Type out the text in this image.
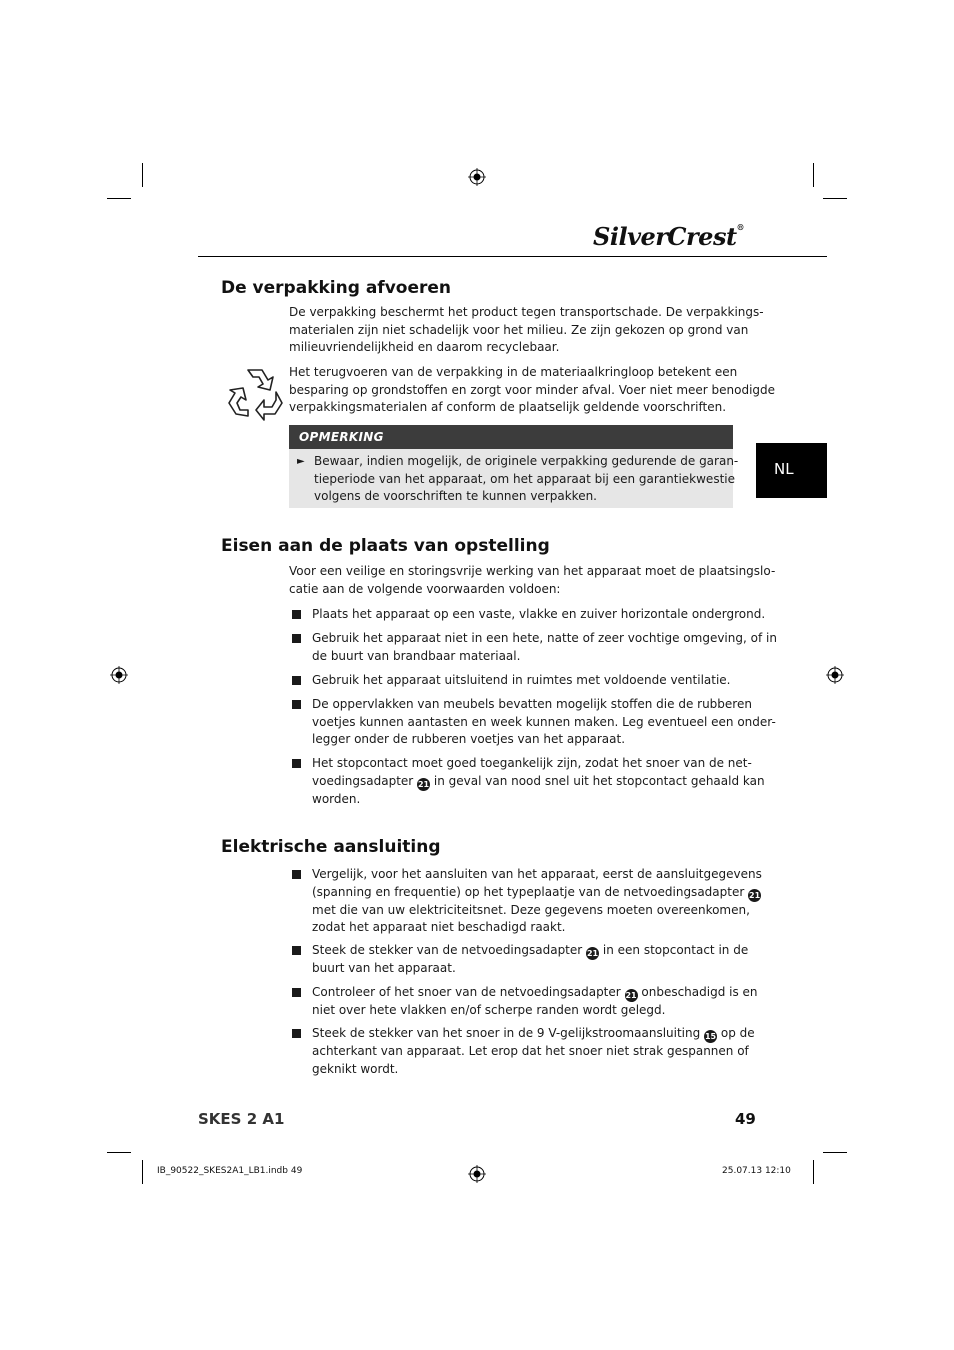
SilverCrest®
De verpakking afvoeren
De verpakking beschermt het product tegen transportschade. De verpakkings-
materialen zijn niet schadelijk voor het milieu. Ze zijn gekozen op grond van
milieuvriendelijkheid en daarom recyclebaar.
Het terugvoeren van de verpakking in de materiaalkringloop betekent een
besparing op grondstoffen en zorgt voor minder afval. Voer niet meer benodigde
verpakkingsmaterialen af conform de plaatselijk geldende voorschriften.
OPMERKING
► Bewaar, indien mogelijk, de originele verpakking gedurende de garan-
tieperiode van het apparaat, om het apparaat bij een garantiekwestie
volgens de voorschriften te kunnen verpakken.
NL
Eisen aan de plaats van opstelling
Voor een veilige en storingsvrije werking van het apparaat moet de plaatsingslo-
catie aan de volgende voorwaarden voldoen:
Plaats het apparaat op een vaste, vlakke en zuiver horizontale ondergrond.
Gebruik het apparaat niet in een hete, natte of zeer vochtige omgeving, of in
de buurt van brandbaar materiaal.
Gebruik het apparaat uitsluitend in ruimtes met voldoende ventilatie.
De oppervlakken van meubels bevatten mogelijk stoffen die de rubberen
voetjes kunnen aantasten en week kunnen maken. Leg eventueel een onder-
legger onder de rubberen voetjes van het apparaat.
Het stopcontact moet goed toegankelijk zijn, zodat het snoer van de net-
voedingsadapter 21 in geval van nood snel uit het stopcontact gehaald kan
worden.
Elektrische aansluiting
Vergelijk, voor het aansluiten van het apparaat, eerst de aansluitgegevens
(spanning en frequentie) op het typeplaatje van de netvoedingsadapter 21
met die van uw elektriciteitsnet. Deze gegevens moeten overeenkomen,
zodat het apparaat niet beschadigd raakt.
Steek de stekker van de netvoedingsadapter 21 in een stopcontact in de
buurt van het apparaat.
Controleer of het snoer van de netvoedingsadapter 21 onbeschadigd is en
niet over hete vlakken en/of scherpe randen wordt gelegd.
Steek de stekker van het snoer in de 9 V-gelijkstroomaansluiting 15 op de
achterkant van apparaat. Let erop dat het snoer niet strak gespannen of
geknikt wordt.
SKES 2 A1	49
IB_90522_SKES2A1_LB1.indb 49	25.07.13 12:10
